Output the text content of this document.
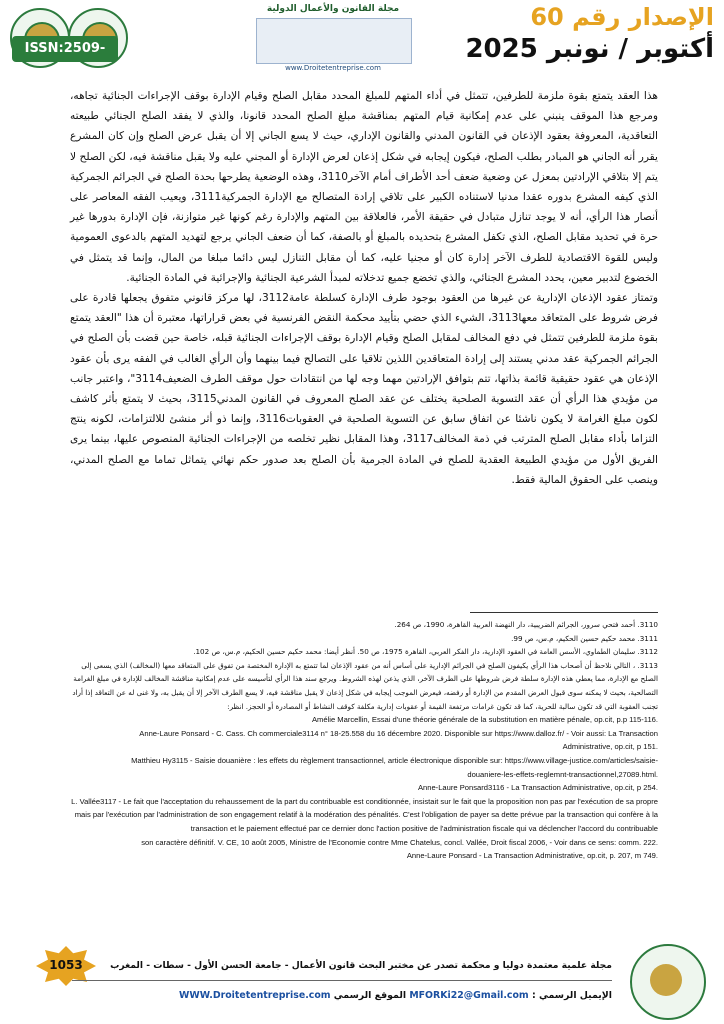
ISSN:2509-0291
مجلة القانون والأعمال الدولية
www.Droitetentreprise.com

الإصدار رقم 60

أكتوبر / نونبر 2025

هذا العقد يتمتع بقوة ملزمة للطرفين، تتمثل في أداء المتهم للمبلغ المحدد مقابل الصلح وقيام الإدارة بوقف الإجراءات الجنائية تجاهه، ومرجع هذا الموقف ينبني على عدم إمكانية قيام المتهم بمناقشة مبلغ الصلح المحدد قانونا، والذي لا يفقد الصلح الجنائي طبيعته التعاقدية، المعروفة بعقود الإذعان في القانون المدني والقانون الإداري، حيث لا يسع الجاني إلا أن يقبل عرض الصلح وإن كان المشرع يقرر أنه الجاني هو المبادر بطلب الصلح، فيكون إيجابه في شكل إذعان لعرض الإدارة أو المجني عليه ولا يقبل مناقشة فيه، لكن الصلح لا يتم إلا بتلاقي الإرادتين بمعزل عن وضعية ضعف أحد الأطراف أمام الآخر3110، وهذه الوضعية يطرحها بحدة الصلح في الجرائم الجمركية الذي كيفه المشرع بدوره عقدا مدنيا لاستناده الكبير على تلاقي إرادة المتصالح مع الإدارة الجمركية3111، ويعيب الفقه المعاصر على أنصار هذا الرأي، أنه لا يوجد تنازل متبادل في حقيقة الأمر، فالعلاقة بين المتهم والإدارة رغم كونها غير متوازنة، فإن الإدارة بدورها غير حرة في تحديد مقابل الصلح، الذي تكفل المشرع بتحديده بالمبلغ أو بالصفة، كما أن ضعف الجاني يرجع لتهديد المتهم بالدعوى العمومية وليس للقوة الاقتصادية للطرف الآخر إدارة كان أو مجنيا عليه، كما أن مقابل التنازل ليس دائما مبلغا من المال، وإنما قد يتمثل في الخضوع لتدبير معين، يحدد المشرع الجنائي، والذي تخضع جميع تدخلاته لمبدأ الشرعية الجنائية والإجرائية في المادة الجنائية.

وتمتاز عقود الإذعان الإدارية عن غيرها من العقود بوجود طرف الإدارة كسلطة عامة3112، لها مركز قانوني متفوق يجعلها قادرة على فرض شروط على المتعاقد معها3113، الشيء الذي حضي بتأييد محكمة النقض الفرنسية في بعض قراراتها، معتبرة أن هذا "العقد يتمتع بقوة ملزمة للطرفين تتمثل في دفع المخالف لمقابل الصلح وقيام الإدارة بوقف الإجراءات الجنائية قبله، خاصة حين قضت بأن الصلح في الجرائم الجمركية عقد مدني يستند إلى إرادة المتعاقدين اللذين تلاقيا على التصالح فيما بينهما وأن الرأي الغالب في الفقه يرى بأن عقود الإذعان هي عقود حقيقية قائمة بذاتها، تتم بتوافق الإرادتين مهما وجه لها من انتقادات حول موقف الطرف الضعيف3114"، واعتبر جانب من مؤيدي هذا الرأي أن عقد التسوية الصلحية يختلف عن عقد الصلح المعروف في القانون المدني3115، بحيث لا يتمتع بأثر كاشف لكون مبلغ الغرامة لا يكون ناشئا عن اتفاق سابق عن التسوية الصلحية في العقوبات3116، وإنما ذو أثر منشئ للالتزامات، لكونه ينتج التزاما بأداء مقابل الصلح المترتب في ذمة المخالف3117، وهذا المقابل نظير تخلصه من الإجراءات الجنائية المنصوص عليها، بينما يرى الفريق الأول من مؤيدي الطبيعة العقدية للصلح في المادة الجرمية بأن الصلح بعد صدور حكم نهائي يتماثل تماما مع الصلح المدني، وينصب على الحقوق المالية فقط.

3110. أحمد فتحي سرور، الجرائم الضريبية، دار النهضة العربية القاهرة، 1990، ص 264.

3111. محمد حكيم حسين الحكيم، م.س، ص 99.

3112. سليمان الطماوي، الأسس العامة في العقود الإدارية، دار الفكر العربي، القاهرة 1975، ص 50. أنظر أيضا: محمد حكيم حسين الحكيم، م.س، ص 102.

3113. ، التالي نلاحظ أن أصحاب هذا الرأي يكيفون الصلح في الجرائم الإدارية على أساس أنه من عقود الإذعان لما تتمتع به الإدارة المختصة من تفوق على المتعاقد معها (المخالف) الذي يسعى إلى الصلح مع الإدارة، مما يعطي هذه الإدارة سلطة فرض شروطها على الطرف الآخر، الذي يذعن لهذه الشروط. ويرجع سند هذا الرأي لتأسيسه على عدم إمكانية مناقشة المخالف للإدارة في مبلغ الغرامة التصالحية، بحيث لا يمكنه سوى قبول العرض المقدم من الإدارة أو رفضه، فيعرض الموجب إيجابه في شكل إذعان لا يقبل مناقشة فيه، لا يسع الطرف الآخر إلا أن يقبل به، ولا غنى له عن التعاقد إذا أراد تجنب العقوبة التي قد تكون سالبة للحرية، كما قد تكون غرامات مرتفعة القيمة أو عقوبات إدارية مكلفة كوقف النشاط أو المصادرة أو الحجز. انظر:

Amélie Marcellin, Essai d'une théorie générale de la substitution en matière pénale, op.cit, p.p 115-116.

Anne-Laure Ponsard - C. Cass. Ch commerciale3114 n° 18-25.558 du 16 décembre 2020. Disponible sur https://www.dalloz.fr/ - Voir aussi: La Transaction

Administrative, op.cit, p 151.

Matthieu Hy3115 - Saisie douanière : les effets du règlement transactionnel, article électronique disponible sur: https://www.village-justice.com/articles/saisie-

douaniere-les-effets-reglemnt-transactionnel,27089.html.

Anne-Laure Ponsard3116 - La Transaction Administrative, op.cit, p 254.

L. Vallée3117 - Le fait que l'acceptation du rehaussement de la part du contribuable est conditionnée, insistait sur le fait que la proposition non pas par l'exécution de sa propre

mais par l'exécution par l'administration de son engagement relatif à la modération des pénalités. C'est l'obligation de payer sa dette prévue par la transaction qui confère à la transaction et le paiement effectué par ce dernier donc l'action positive de l'administration fiscale qui va déclencher l'accord du contribuable

son caractère définitif. V. CE, 10 août 2005, Ministre de l'Economie contre Mme Chatelus, concl. Vallée, Droit fiscal 2006, - Voir dans ce sens: comm. 222.

Anne-Laure Ponsard - La Transaction Administrative, op.cit, p. 207, m 749.

1053	مجلة علمية معتمدة دوليا و محكمة تصدر عن مختبر البحث قانون الأعمال - جامعة الحسن الأول - سطات - المغرب
الإيميل الرسمي : MFORKi22@Gmail.com الموقع الرسمي WWW.Droitetentreprise.com
